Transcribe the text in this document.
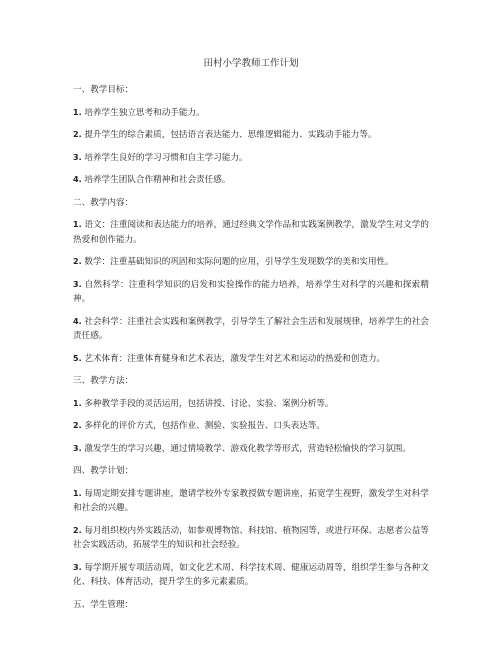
田村小学教师工作计划
一、教学目标：
1. 培养学生独立思考和动手能力。
2. 提升学生的综合素质，包括语言表达能力、思维逻辑能力、实践动手能力等。
3. 培养学生良好的学习习惯和自主学习能力。
4. 培养学生团队合作精神和社会责任感。
二、教学内容：
1. 语文：注重阅读和表达能力的培养，通过经典文学作品和实践案例教学，激发学生对文学的热爱和创作能力。
2. 数学：注重基础知识的巩固和实际问题的应用，引导学生发现数学的美和实用性。
3. 自然科学：注重科学知识的启发和实验操作的能力培养，培养学生对科学的兴趣和探索精神。
4. 社会科学：注重社会实践和案例教学，引导学生了解社会生活和发展规律，培养学生的社会责任感。
5. 艺术体育：注重体育健身和艺术表达，激发学生对艺术和运动的热爱和创造力。
三、教学方法：
1. 多种教学手段的灵活运用，包括讲授、讨论、实验、案例分析等。
2. 多样化的评价方式，包括作业、测验、实验报告、口头表达等。
3. 激发学生的学习兴趣，通过情境教学、游戏化教学等形式，营造轻松愉快的学习氛围。
四、教学计划：
1. 每周定期安排专题讲座，邀请学校外专家教授做专题讲座，拓宽学生视野，激发学生对科学和社会的兴趣。
2. 每月组织校内外实践活动，如参观博物馆、科技馆、植物园等，或进行环保、志愿者公益等社会实践活动，拓展学生的知识和社会经验。
3. 每学期开展专项活动周，如文化艺术周、科学技术周、健康运动周等，组织学生参与各种文化、科技、体育活动，提升学生的多元素素质。
五、学生管理：
